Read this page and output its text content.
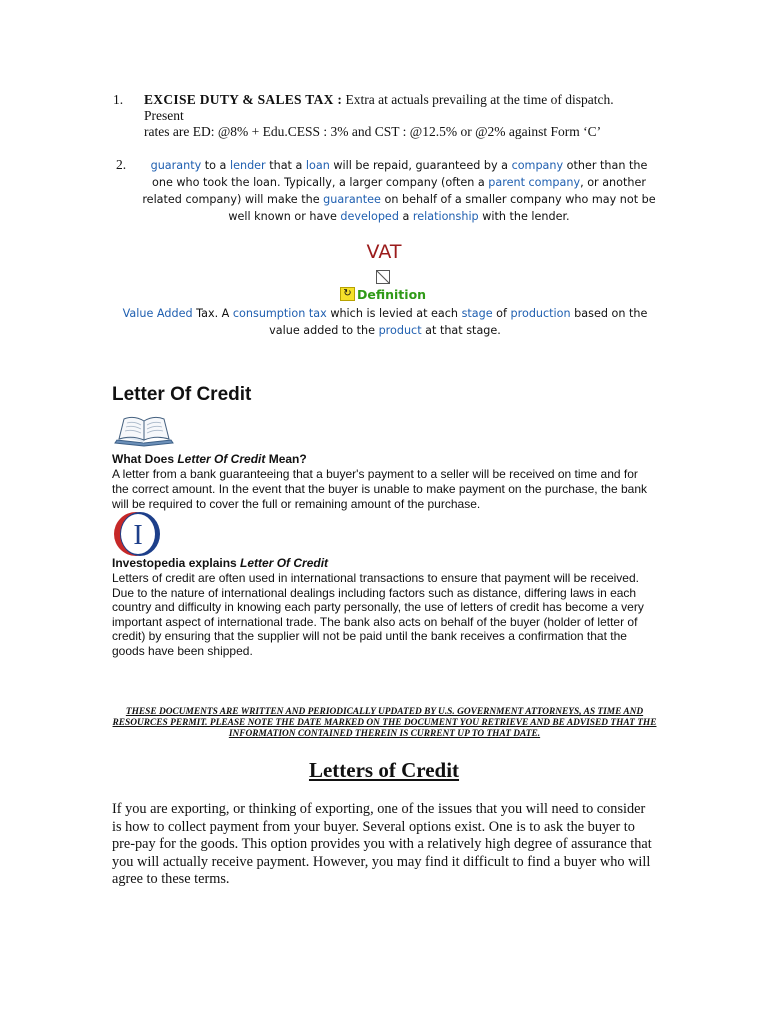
1. EXCISE DUTY & SALES TAX : Extra at actuals prevailing at the time of dispatch.
Present
rates are ED: @8% + Edu.CESS : 3% and CST : @12.5% or @2% against Form ‘C’
2.	guaranty to a lender that a loan will be repaid, guaranteed by a company other than the one who took the loan. Typically, a larger company (often a parent company, or another related company) will make the guarantee on behalf of a smaller company who may not be well known or have developed a relationship with the lender.
VAT
↻ Definition
Value Added Tax. A consumption tax which is levied at each stage of production based on the value added to the product at that stage.
Letter Of Credit
What Does Letter Of Credit Mean?
A letter from a bank guaranteeing that a buyer's payment to a seller will be received on time and for the correct amount. In the event that the buyer is unable to make payment on the purchase, the bank will be required to cover the full or remaining amount of the purchase.
I
Investopedia explains Letter Of Credit
Letters of credit are often used in international transactions to ensure that payment will be received. Due to the nature of international dealings including factors such as distance, differing laws in each country and difficulty in knowing each party personally, the use of letters of credit has become a very important aspect of international trade. The bank also acts on behalf of the buyer (holder of letter of credit) by ensuring that the supplier will not be paid until the bank receives a confirmation that the goods have been shipped.
THESE DOCUMENTS ARE WRITTEN AND PERIODICALLY UPDATED BY U.S. GOVERNMENT ATTORNEYS, AS TIME AND RESOURCES PERMIT. PLEASE NOTE THE DATE MARKED ON THE DOCUMENT YOU RETRIEVE AND BE ADVISED THAT THE INFORMATION CONTAINED THEREIN IS CURRENT UP TO THAT DATE.
Letters of Credit
If you are exporting, or thinking of exporting, one of the issues that you will need to consider is how to collect payment from your buyer. Several options exist. One is to ask the buyer to pre-pay for the goods. This option provides you with a relatively high degree of assurance that you will actually receive payment. However, you may find it difficult to find a buyer who will agree to these terms.
